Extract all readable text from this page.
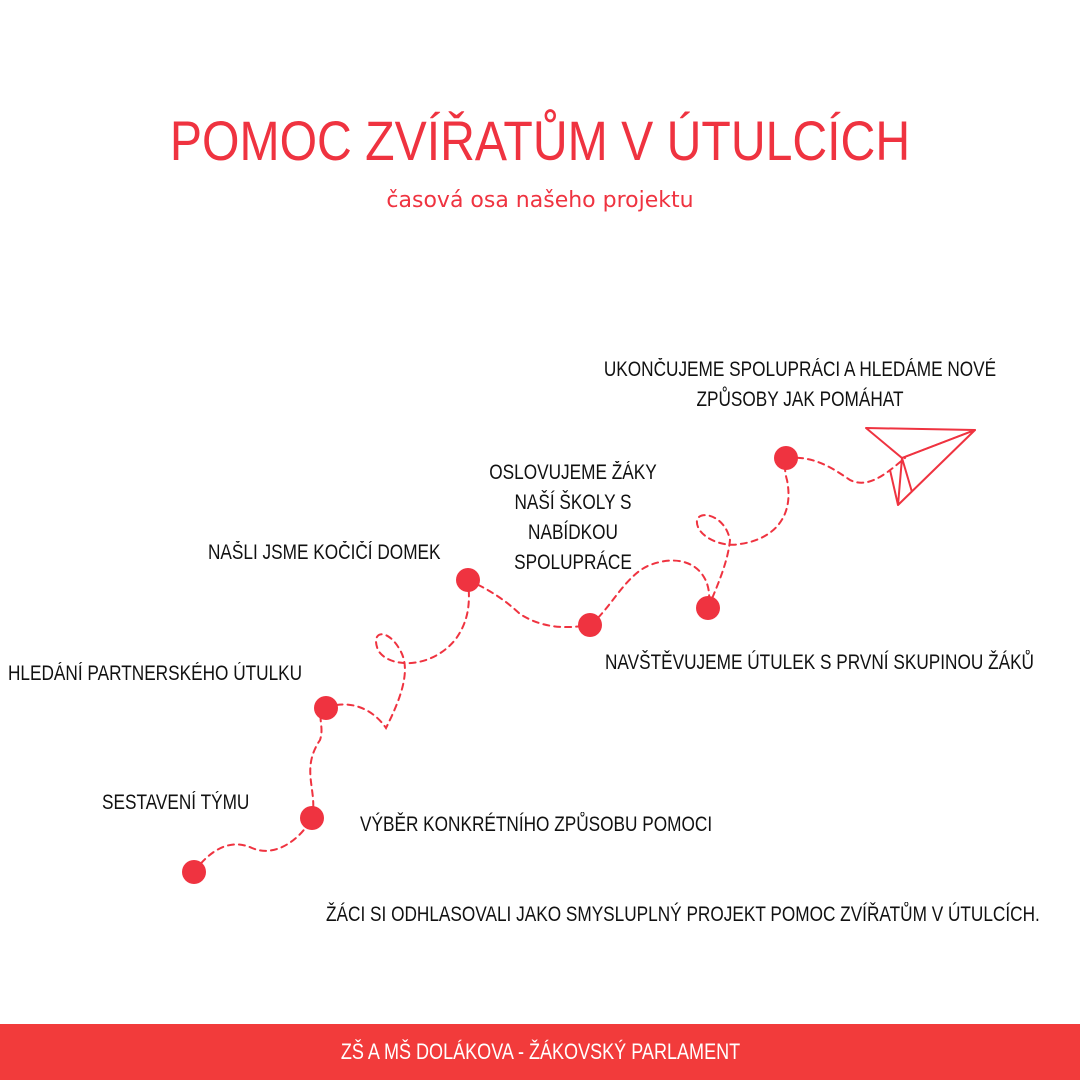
POMOC ZVÍŘATŮM V ÚTULCÍCH

časová osa našeho projektu

ŽÁCI SI ODHLASOVALI JAKO SMYSLUPLNÝ PROJEKT POMOC ZVÍŘATŮM V ÚTULCÍCH.
SESTAVENÍ TÝMU
VÝBĚR KONKRÉTNÍHO ZPŮSOBU POMOCI
HLEDÁNÍ PARTNERSKÉHO ÚTULKU
NAŠLI JSME KOČIČÍ DOMEK
NAVŠTĚVUJEME ÚTULEK S PRVNÍ SKUPINOU ŽÁKŮ
OSLOVUJEME ŽÁKY NAŠÍ ŠKOLY S NABÍDKOU SPOLUPRÁCE
UKONČUJEME SPOLUPRÁCI A HLEDÁME NOVÉ ZPŮSOBY JAK POMÁHAT
ZŠ A MŠ DOLÁKOVA - ŽÁKOVSKÝ PARLAMENT
